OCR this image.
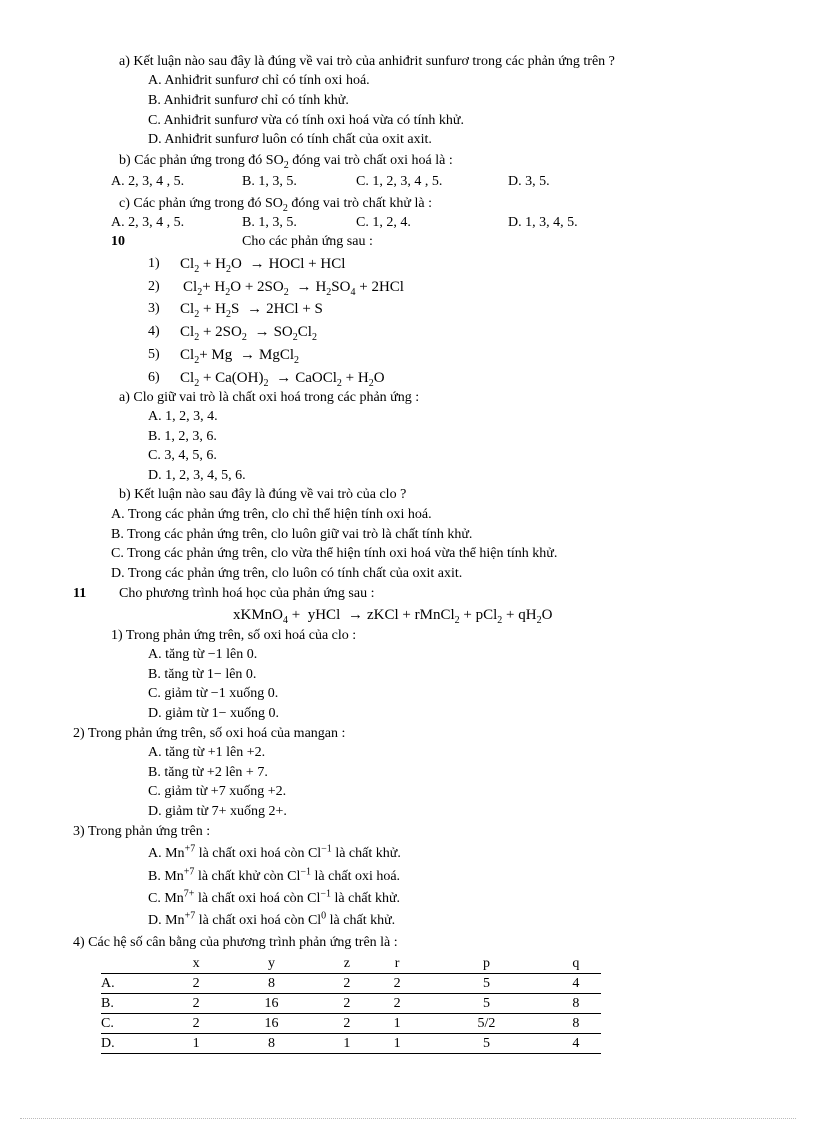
a) Kết luận nào sau đây là đúng về vai trò của anhiđrit sunfurơ trong các phản ứng trên ?
A. Anhiđrit sunfurơ chỉ có tính oxi hoá.
B. Anhiđrit sunfurơ chỉ có tính khử.
C. Anhiđrit sunfurơ vừa có tính oxi hoá vừa có tính khử.
D. Anhiđrit sunfurơ luôn có tính chất của oxit axit.
b) Các phản ứng trong đó $SO_2$ đóng vai trò chất oxi hoá là :
A. 2, 3, 4 , 5.	B. 1, 3, 5.	C. 1, 2, 3, 4 , 5.	D. 3, 5.
c) Các phản ứng trong đó $SO_2$ đóng vai trò chất khử là :
A. 2, 3, 4 , 5.	B. 1, 3, 5.	C. 1, 2, 4.	D. 1, 3, 4, 5.
10	Cho các phản ứng sau :
1) $Cl_2 + H_2O$ → HOCl + HCl
2) $Cl_2+ H_2O + 2SO_2 \to H_2SO_4 + 2HCl$
3) $Cl_2 + H_2S \to 2HCl + S$
4) $Cl_2 + 2SO_2 \to SO_2Cl_2$
5) $Cl_2+ Mg$ → MgCl$_2$
6) $Cl_2 + Ca(OH)_2$ → CaOCl$_2$ + $H_2O$
a) Clo giữ vai trò là chất oxi hoá trong các phản ứng :
A. 1, 2, 3, 4.
B. 1, 2, 3, 6.
C. 3, 4, 5, 6.
D. 1, 2, 3, 4, 5, 6.
b) Kết luận nào sau đây là đúng về vai trò của clo ?
A. Trong các phản ứng trên, clo chỉ thể hiện tính oxi hoá.
B. Trong các phản ứng trên, clo luôn giữ vai trò là chất tính khử.
C. Trong các phản ứng trên, clo vừa thể hiện tính oxi hoá vừa thể hiện tính khử.
D. Trong các phản ứng trên, clo luôn có tính chất của oxit axit.
11 Cho phương trình hoá học của phản ứng sau :
xKMnO$_4$ +  yHCl → zKCl + rMnCl$_2$ + $pCl_2 + qH_2O$
1) Trong phản ứng trên, số oxi hoá của clo :
A. tăng từ −1 lên 0.
B. tăng từ 1− lên 0.
C. giảm từ −1 xuống 0.
D. giảm từ 1− xuống 0.
2) Trong phản ứng trên, số oxi hoá của mangan :
A. tăng từ +1 lên +2.
B. tăng từ +2 lên + 7.
C. giảm từ +7 xuống +2.
D. giảm từ 7+ xuống 2+.
3) Trong phản ứng trên :
A. $Mn^{+7}$ là chất oxi hoá còn $Cl^{-1}$ là chất khử.
B. $Mn^{+7}$ là chất khử còn $Cl^{-1}$ là chất oxi hoá.
C. $Mn^{7+}$ là chất oxi hoá còn $Cl^{-1}$ là chất khử.
D. $Mn^{+7}$ là chất oxi hoá còn Cl$^0$ là chất khử.
4) Các hệ số cân bằng của phương trình phản ứng trên là :
	x	y	z	r	p	q
A.	2	8	2	2	5	4
B.	2	16	2	2	5	8
C.	2	16	2	1	5/2	8
D.	1	8	1	1	5	4
